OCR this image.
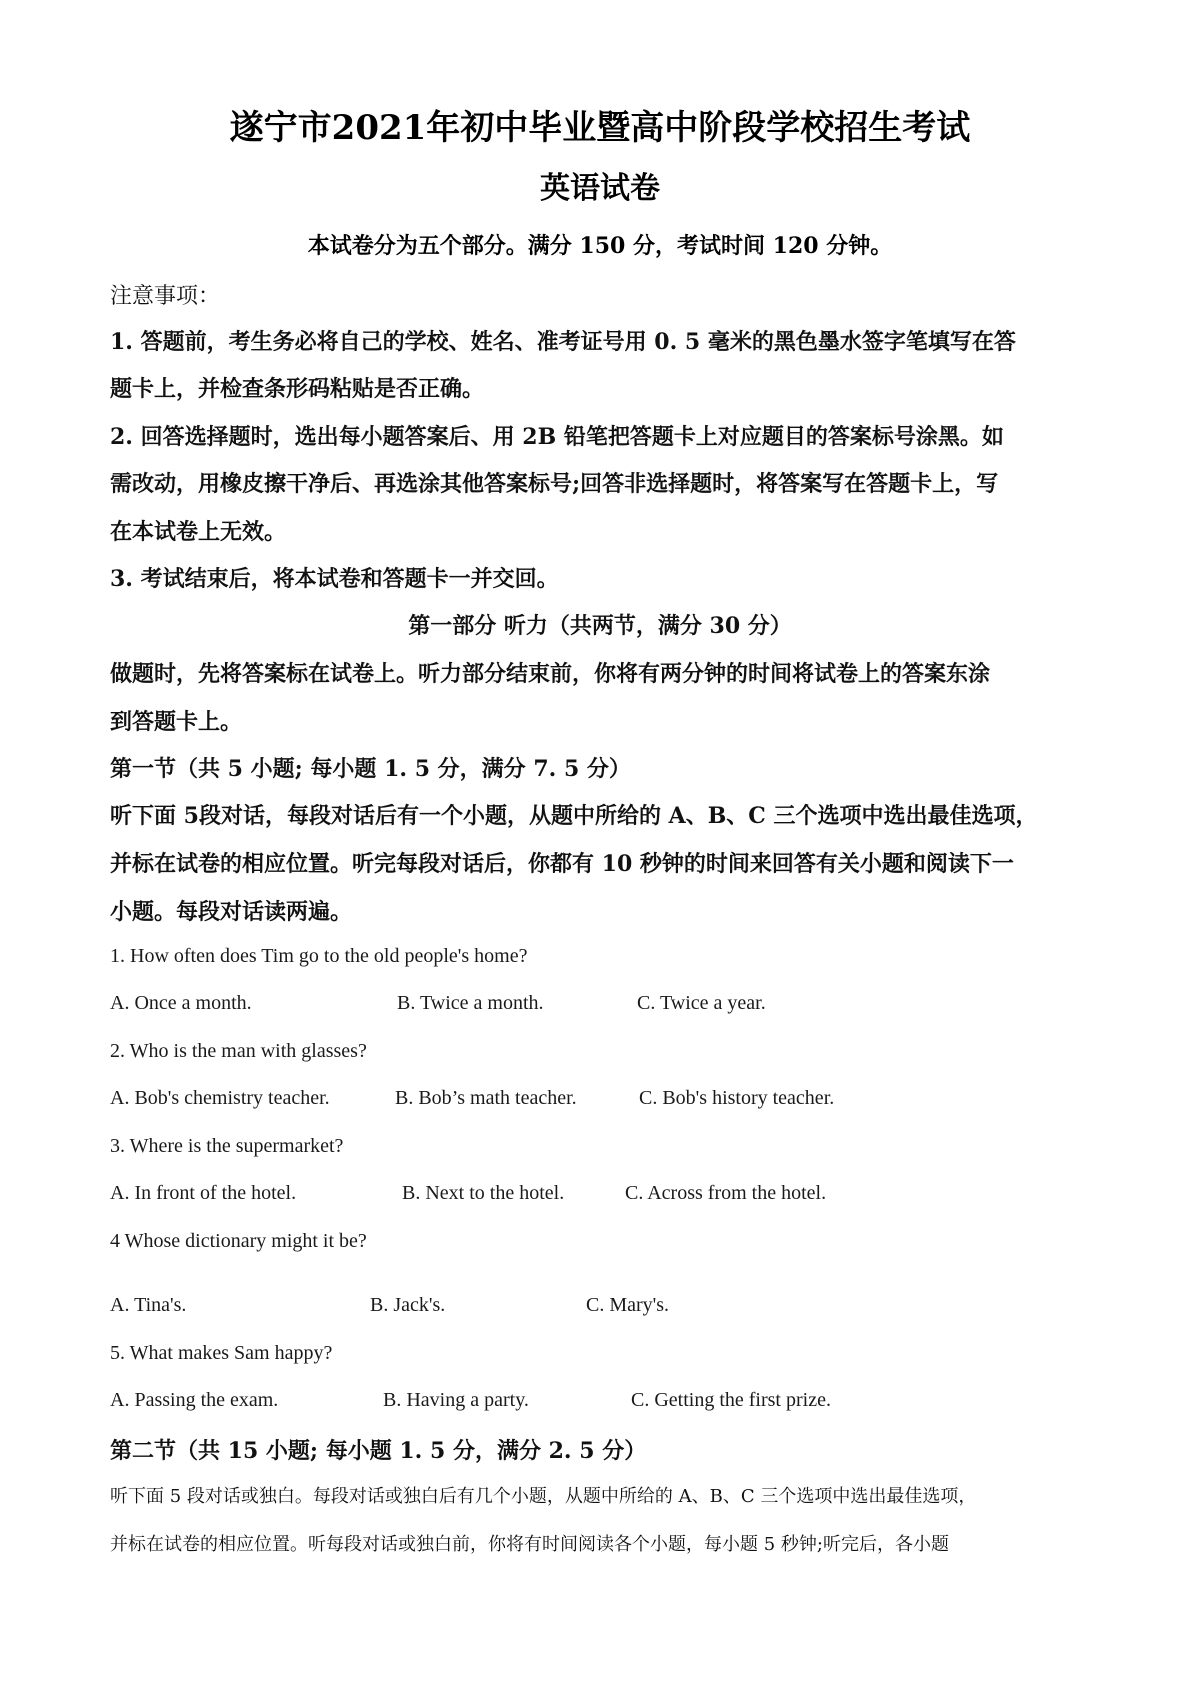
遂宁市2021年初中毕业暨高中阶段学校招生考试
英语试卷
本试卷分为五个部分。满分 150 分，考试时间 120 分钟。
注意事项：
1. 答题前，考生务必将自己的学校、姓名、准考证号用 0. 5 毫米的黑色墨水签字笔填写在答
题卡上，并检查条形码粘贴是否正确。
2. 回答选择题时，选出每小题答案后、用 2B 铅笔把答题卡上对应题目的答案标号涂黑。如
需改动，用橡皮擦干净后、再选涂其他答案标号;回答非选择题时，将答案写在答题卡上，写
在本试卷上无效。
3. 考试结束后，将本试卷和答题卡一并交回。
第一部分 听力（共两节，满分 30 分）
做题时，先将答案标在试卷上。听力部分结束前，你将有两分钟的时间将试卷上的答案东涂
到答题卡上。
第一节（共 5 小题; 每小题 1. 5 分，满分 7. 5 分）
听下面 5段对话，每段对话后有一个小题，从题中所给的 A、B、C 三个选项中选出最佳选项，
并标在试卷的相应位置。听完每段对话后，你都有 10 秒钟的时间来回答有关小题和阅读下一
小题。每段对话读两遍。
1. How often does Tim go to the old people's home?
A. Once a month.	B. Twice a month.	C. Twice a year.
2. Who is the man with glasses?
A. Bob's chemistry teacher.	B. Bob’s math teacher.	C. Bob's history teacher.
3. Where is the supermarket?
A. In front of the hotel.	B. Next to the hotel.	C. Across from the hotel.
4 Whose dictionary might it be?
A. Tina's.	B. Jack's.	C. Mary's.
5. What makes Sam happy?
A. Passing the exam.	B. Having a party.	C. Getting the first prize.
第二节（共 15 小题; 每小题 1. 5 分，满分 2. 5 分）
听下面 5 段对话或独白。每段对话或独白后有几个小题，从题中所给的 A、B、C 三个选项中选出最佳选项，
并标在试卷的相应位置。听每段对话或独白前，你将有时间阅读各个小题，每小题 5 秒钟;听完后，各小题
